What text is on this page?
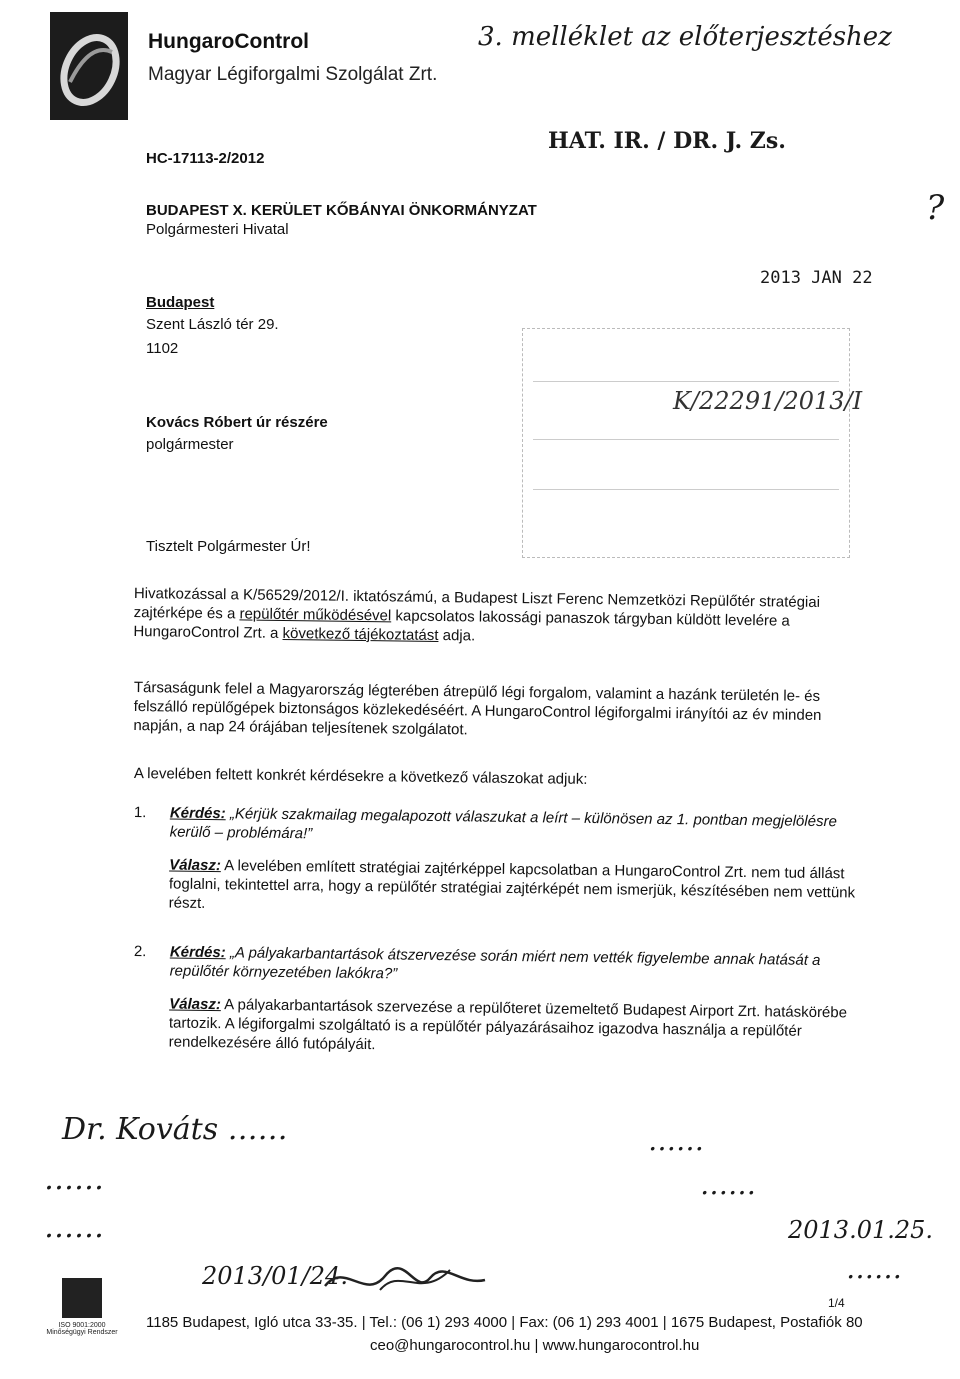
HungaroControl
Magyar Légiforgalmi Szolgálat Zrt.
HC-17113-2/2012
BUDAPEST X. KERÜLET KŐBÁNYAI ÖNKORMÁNYZAT
Polgármesteri Hivatal
Budapest
Szent László tér 29.
1102
Kovács Róbert úr részére
polgármester
K/22291/2013/I
2013 JAN 22
3. melléklet az előterjesztéshez
HAT. IR. / DR. J. Zs.
?
Tisztelt Polgármester Úr!
Hivatkozással a K/56529/2012/I. iktatószámú, a Budapest Liszt Ferenc Nemzetközi Repülőtér stratégiai zajtérképe és a repülőtér működésével kapcsolatos lakossági panaszok tárgyban küldött levelére a HungaroControl Zrt. a következő tájékoztatást adja.
Társaságunk felel a Magyarország légterében átrepülő légi forgalom, valamint a hazánk területén le- és felszálló repülőgépek biztonságos közlekedéséért. A HungaroControl légiforgalmi irányítói az év minden napján, a nap 24 órájában teljesítenek szolgálatot.
A levelében feltett konkrét kérdésekre a következő válaszokat adjuk:
1. Kérdés: „Kérjük szakmailag megalapozott válaszukat a leírt – különösen az 1. pontban megjelölésre kerülő – problémára!”
Válasz: A levelében említett stratégiai zajtérképpel kapcsolatban a HungaroControl Zrt. nem tud állást foglalni, tekintettel arra, hogy a repülőtér stratégiai zajtérképét nem ismerjük, készítésében nem vettünk részt.
2. Kérdés: „A pályakarbantartások átszervezése során miért nem vették figyelembe annak hatását a repülőtér környezetében lakókra?”
Válasz: A pályakarbantartások szervezése a repülőteret üzemeltető Budapest Airport Zrt. hatáskörébe tartozik. A légiforgalmi szolgáltató is a repülőtér pályazárásaihoz igazodva használja a repülőtér rendelkezésére álló futópályáit.
Dr. Kováts ……
……
……
2013/01/24.
……
……
2013.01.25.
……
ISO 9001:2000
Minőségügyi Rendszer
1/4
1185 Budapest, Igló utca 33-35. | Tel.: (06 1) 293 4000 | Fax: (06 1) 293 4001 | 1675 Budapest, Postafiók 80
ceo@hungarocontrol.hu | www.hungarocontrol.hu
